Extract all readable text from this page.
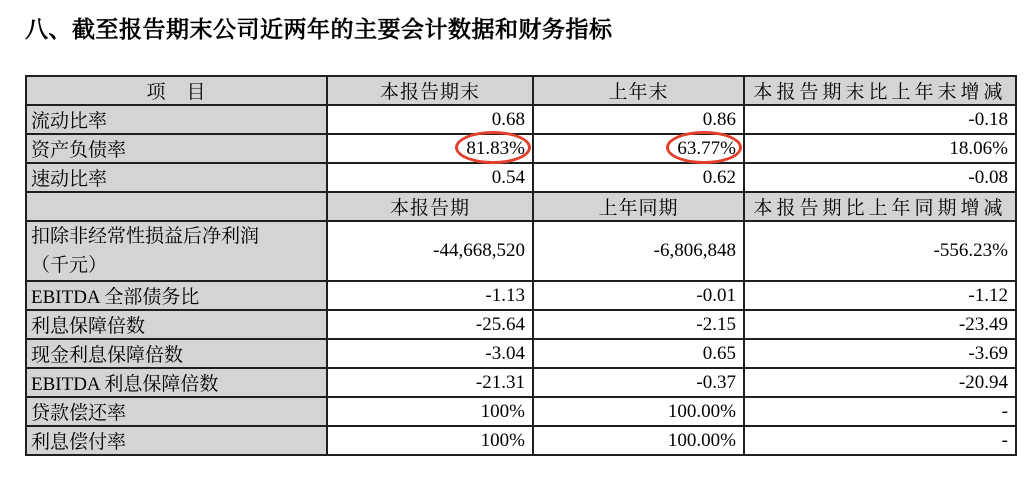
八、截至报告期末公司近两年的主要会计数据和财务指标
项　目	本报告期末	上年末	本报告期末比上年末增减
流动比率	0.68	0.86	-0.18
资产负债率	81.83%	63.77%	18.06%
速动比率	0.54	0.62	-0.08
	本报告期	上年同期	本报告期比上年同期增减

扣除非经常性损益后净利润
（千元）	-44,668,520	-6,806,848	-556.23%
EBITDA 全部债务比	-1.13	-0.01	-1.12
利息保障倍数	-25.64	-2.15	-23.49
现金利息保障倍数	-3.04	0.65	-3.69
EBITDA 利息保障倍数	-21.31	-0.37	-20.94
贷款偿还率	100%	100.00%	-
利息偿付率	100%	100.00%	-
